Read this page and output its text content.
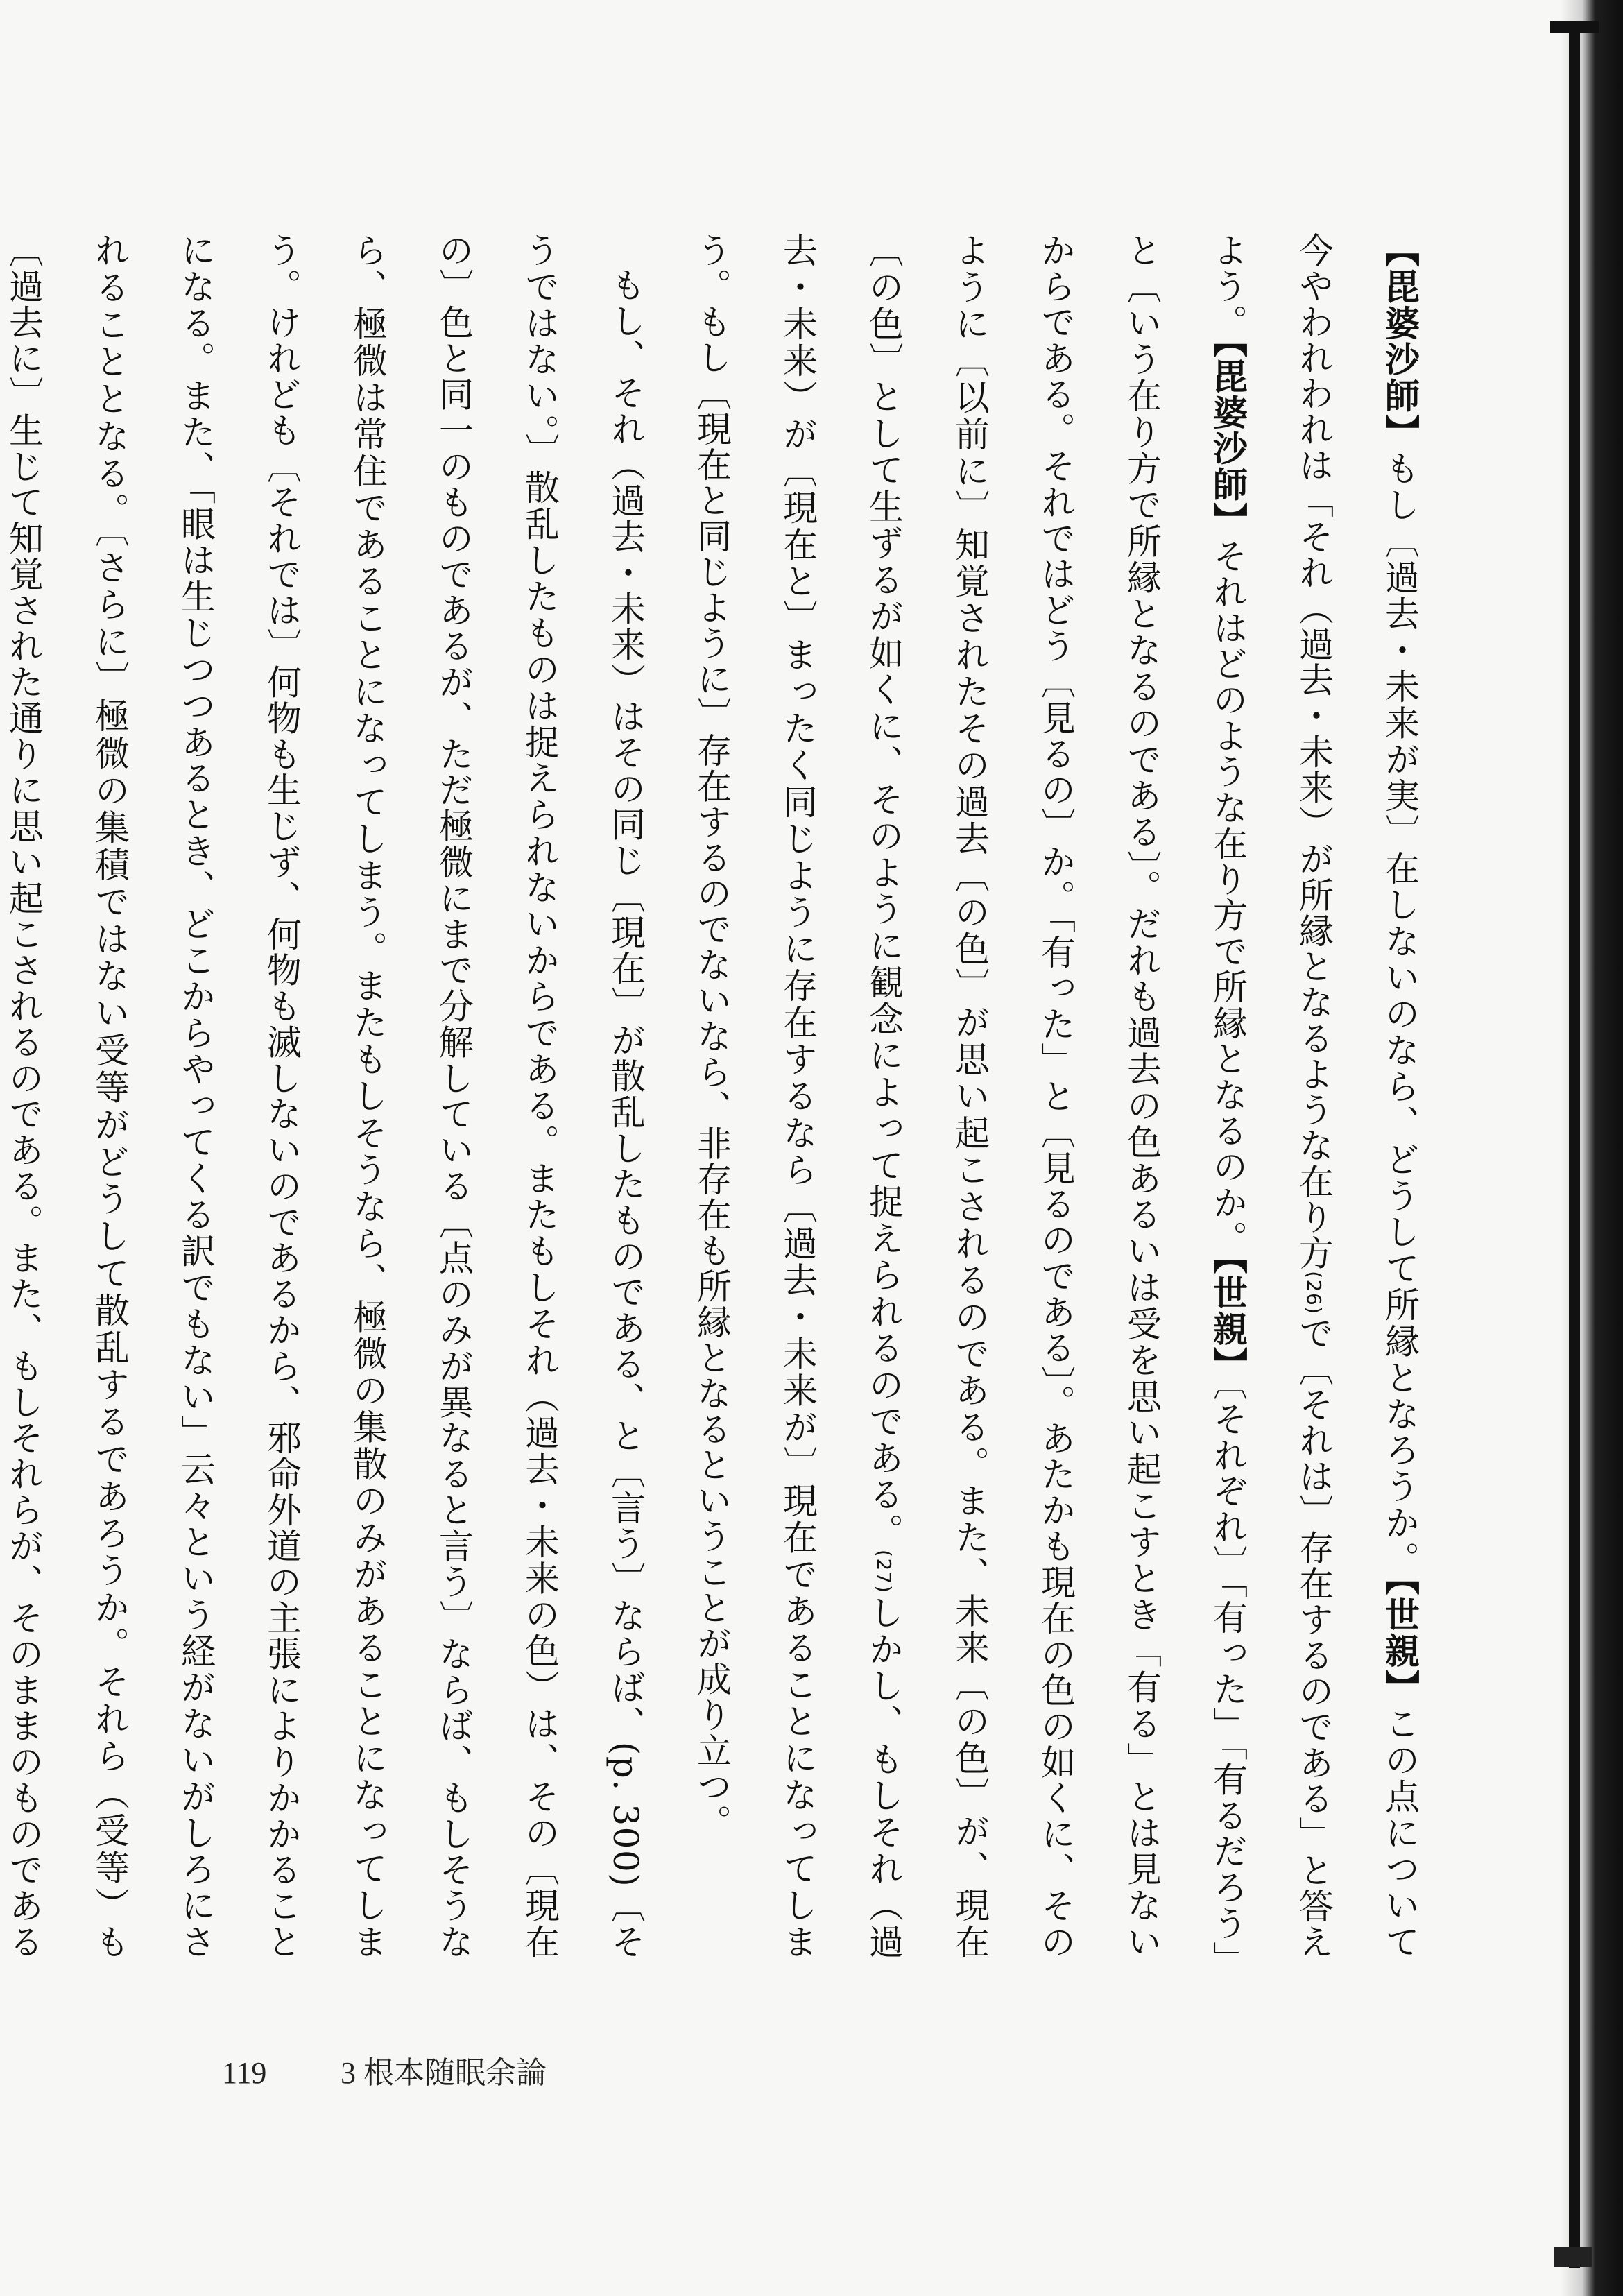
【毘婆沙師】もし〔過去・未来が実〕在しないのなら、どうして所縁となろうか。【世親】この点について今やわれわれは「それ（過去・未来）が所縁となるような在り方$^{(26)}$で〔それは〕存在するのである」と答えよう。【毘婆沙師】それはどのような在り方で所縁となるのか。【世親】〔それぞれ〕「有った」「有るだろう」と〔いう在り方で所縁となるのである〕。だれも過去の色あるいは受を思い起こすとき「有る」とは見ないからである。それではどう〔見るの〕か。「有った」と〔見るのである〕。あたかも現在の色の如くに、そのように〔以前に〕知覚されたその過去〔の色〕が思い起こされるのである。また、未来〔の色〕が、現在〔の色〕として生ずるが如くに、そのように観念によって捉えられるのである。$^{(27)}$しかし、もしそれ（過去・未来）が〔現在と〕まったく同じように存在するなら〔過去・未来が〕現在であることになってしまう。もし〔現在と同じように〕存在するのでないなら、非存在も所縁となるということが成り立つ。

もし、それ（過去・未来）はその同じ〔現在〕が散乱したものである、と〔言う〕ならば、(p. 300)〔そうではない。〕散乱したものは捉えられないからである。またもしそれ（過去・未来の色）は、その〔現在の〕色と同一のものであるが、ただ極微にまで分解している〔点のみが異なると言う〕ならば、もしそうなら、極微は常住であることになってしまう。またもしそうなら、極微の集散のみがあることになってしまう。けれども〔それでは〕何物も生じず、何物も滅しないのであるから、邪命外道の主張によりかかることになる。また、「眼は生じつつあるとき、どこからやってくる訳でもない」云々という経がないがしろにされることとなる。〔さらに〕極微の集積ではない受等がどうして散乱するであろうか。それら（受等）も〔過去に〕生じて知覚された通りに思い起こされるのである。また、もしそれらが、そのままのものである

119 3 根本随眠余論
